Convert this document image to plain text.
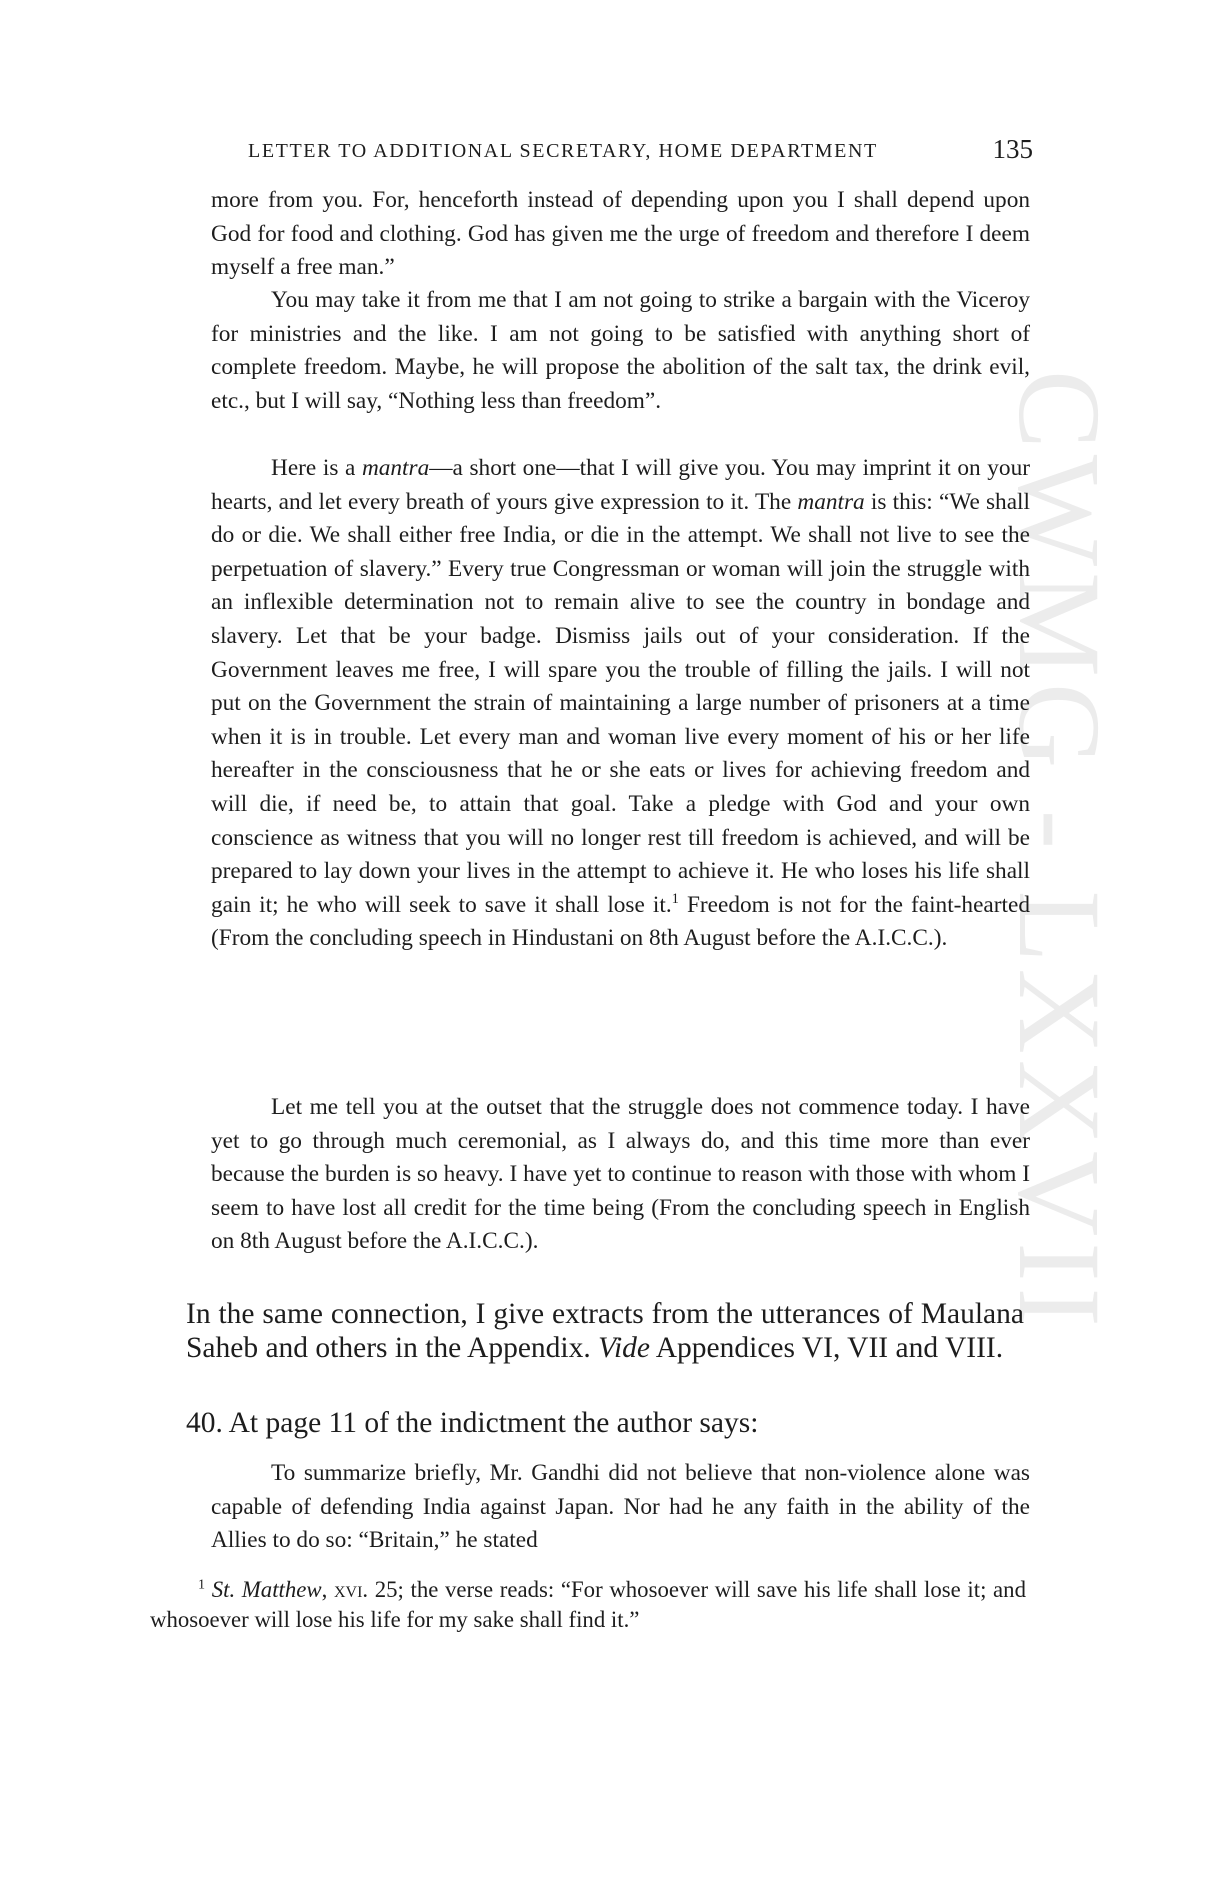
CWMG - LXXVII
LETTER TO ADDITIONAL SECRETARY, HOME DEPARTMENT	135

more from you. For, henceforth instead of depending upon you I shall depend upon God for food and clothing. God has given me the urge of freedom and therefore I deem myself a free man.”

You may take it from me that I am not going to strike a bargain with the Viceroy for ministries and the like. I am not going to be satisfied with anything short of complete freedom. Maybe, he will propose the abolition of the salt tax, the drink evil, etc., but I will say, “Nothing less than freedom”.

Here is a mantra—a short one—that I will give you. You may imprint it on your hearts, and let every breath of yours give expression to it. The mantra is this: “We shall do or die. We shall either free India, or die in the attempt. We shall not live to see the perpetuation of slavery.” Every true Congressman or woman will join the struggle with an inflexible determination not to remain alive to see the country in bondage and slavery. Let that be your badge. Dismiss jails out of your consideration. If the Government leaves me free, I will spare you the trouble of filling the jails. I will not put on the Government the strain of maintaining a large number of prisoners at a time when it is in trouble. Let every man and woman live every moment of his or her life hereafter in the consciousness that he or she eats or lives for achieving freedom and will die, if need be, to attain that goal. Take a pledge with God and your own conscience as witness that you will no longer rest till freedom is achieved, and will be prepared to lay down your lives in the attempt to achieve it. He who loses his life shall gain it; he who will seek to save it shall lose it.$^1$ Freedom is not for the faint-hearted (From the concluding speech in Hindustani on 8th August before the A.I.C.C.).

Let me tell you at the outset that the struggle does not commence today. I have yet to go through much ceremonial, as I always do, and this time more than ever because the burden is so heavy. I have yet to continue to reason with those with whom I seem to have lost all credit for the time being (From the concluding speech in English on 8th August before the A.I.C.C.).

In the same connection, I give extracts from the utterances of Maulana Saheb and others in the Appendix. Vide Appendices VI, VII and VIII.

40. At page 11 of the indictment the author says:

To summarize briefly, Mr. Gandhi did not believe that non-violence alone was capable of defending India against Japan. Nor had he any faith in the ability of the Allies to do so: “Britain,” he stated

$^1$ St. Matthew, xvi. 25; the verse reads: “For whosoever will save his life shall lose it; and whosoever will lose his life for my sake shall find it.”
